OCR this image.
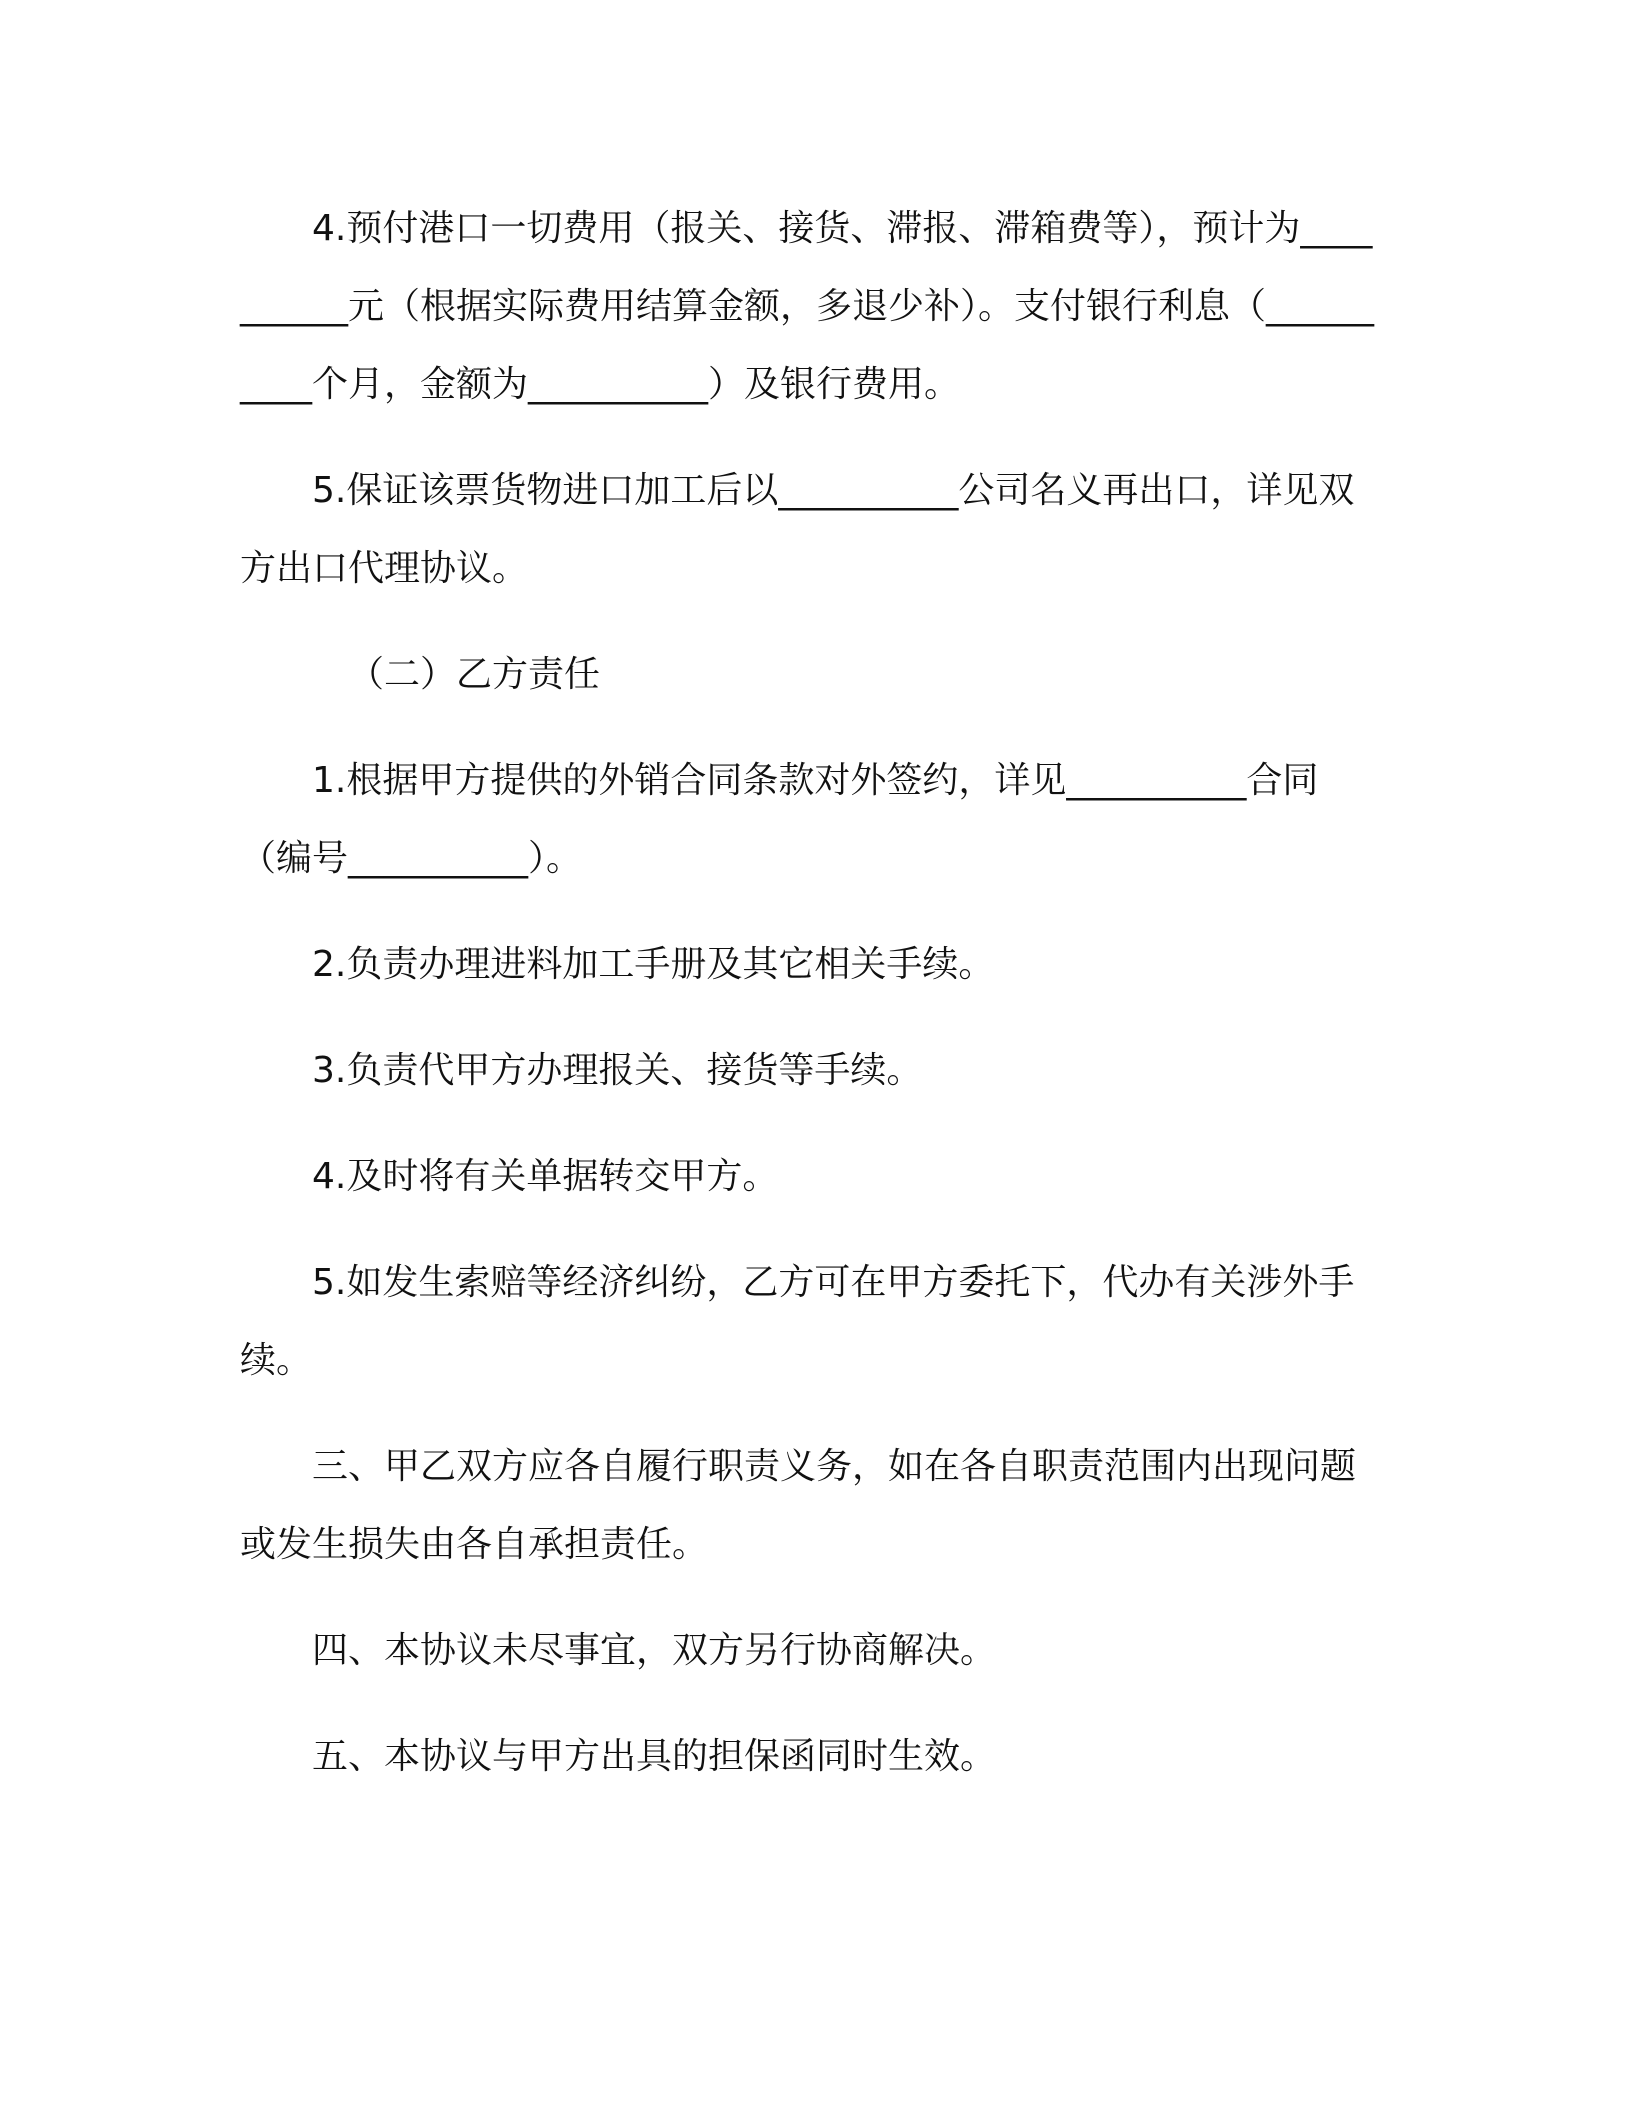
4.预付港口一切费用（报关、接货、滞报、滞箱费等），预计为__________元（根据实际费用结算金额，多退少补）。支付银行利息（__________个月，金额为__________）及银行费用。

5.保证该票货物进口加工后以__________公司名义再出口，详见双方出口代理协议。

（二）乙方责任

1.根据甲方提供的外销合同条款对外签约，详见__________合同（编号__________）。

2.负责办理进料加工手册及其它相关手续。

3.负责代甲方办理报关、接货等手续。

4.及时将有关单据转交甲方。

5.如发生索赔等经济纠纷，乙方可在甲方委托下，代办有关涉外手续。

三、甲乙双方应各自履行职责义务，如在各自职责范围内出现问题或发生损失由各自承担责任。

四、本协议未尽事宜，双方另行协商解决。

五、本协议与甲方出具的担保函同时生效。
